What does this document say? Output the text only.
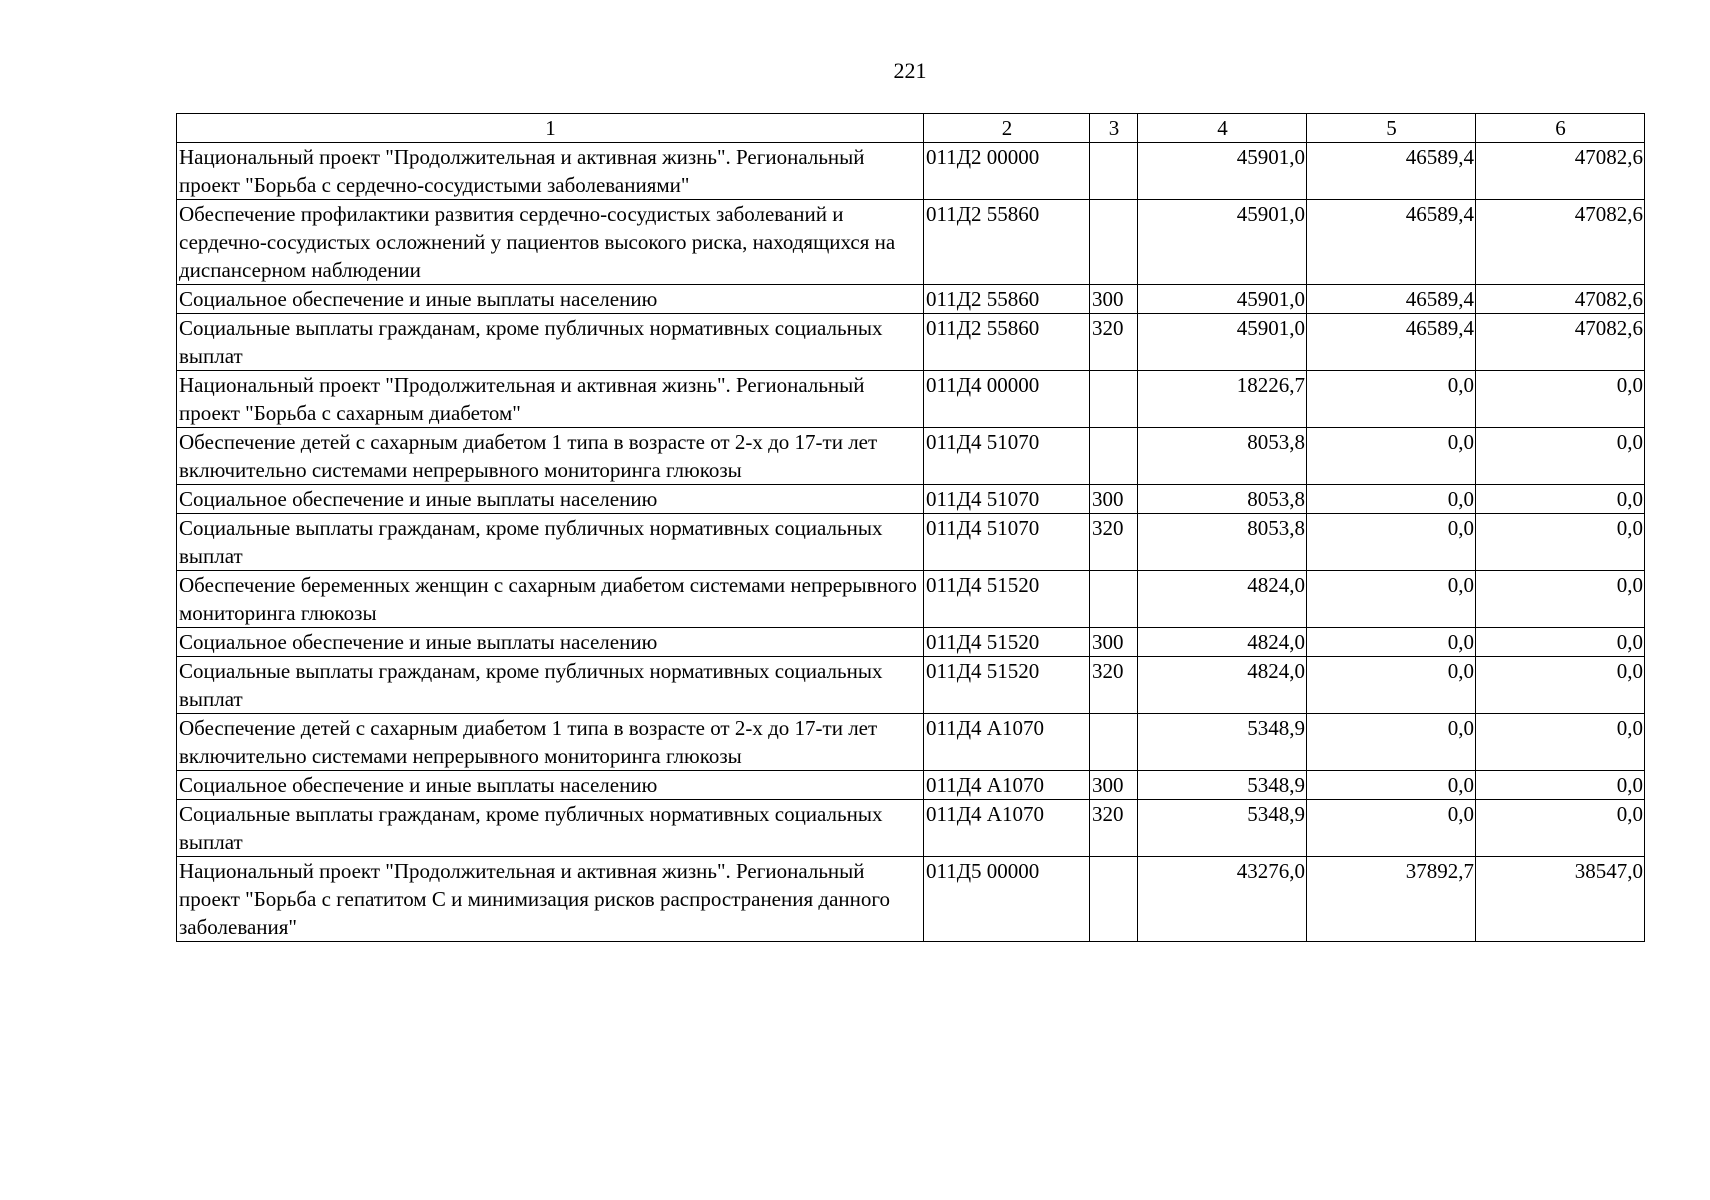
221
1	2	3	4	5	6
Национальный проект "Продолжительная и активная жизнь". Региональный проект "Борьба с сердечно-сосудистыми заболеваниями"	011Д2 00000		45901,0	46589,4	47082,6
Обеспечение профилактики развития сердечно-сосудистых заболеваний и сердечно-сосудистых осложнений у пациентов высокого риска, находящихся на диспансерном наблюдении	011Д2 55860		45901,0	46589,4	47082,6
Социальное обеспечение и иные выплаты населению	011Д2 55860	300	45901,0	46589,4	47082,6
Социальные выплаты гражданам, кроме публичных нормативных социальных выплат	011Д2 55860	320	45901,0	46589,4	47082,6
Национальный проект "Продолжительная и активная жизнь". Региональный проект "Борьба с сахарным диабетом"	011Д4 00000		18226,7	0,0	0,0
Обеспечение детей с сахарным диабетом 1 типа в возрасте от 2-х до 17-ти лет включительно системами непрерывного мониторинга глюкозы	011Д4 51070		8053,8	0,0	0,0
Социальное обеспечение и иные выплаты населению	011Д4 51070	300	8053,8	0,0	0,0
Социальные выплаты гражданам, кроме публичных нормативных социальных выплат	011Д4 51070	320	8053,8	0,0	0,0
Обеспечение беременных женщин с сахарным диабетом системами непрерывного мониторинга глюкозы	011Д4 51520		4824,0	0,0	0,0
Социальное обеспечение и иные выплаты населению	011Д4 51520	300	4824,0	0,0	0,0
Социальные выплаты гражданам, кроме публичных нормативных социальных выплат	011Д4 51520	320	4824,0	0,0	0,0
Обеспечение детей с сахарным диабетом 1 типа в возрасте от 2-х до 17-ти лет включительно системами непрерывного мониторинга глюкозы	011Д4 А1070		5348,9	0,0	0,0
Социальное обеспечение и иные выплаты населению	011Д4 А1070	300	5348,9	0,0	0,0
Социальные выплаты гражданам, кроме публичных нормативных социальных выплат	011Д4 А1070	320	5348,9	0,0	0,0
Национальный проект "Продолжительная и активная жизнь". Региональный проект "Борьба с гепатитом С и минимизация рисков распространения данного заболевания"	011Д5 00000		43276,0	37892,7	38547,0
